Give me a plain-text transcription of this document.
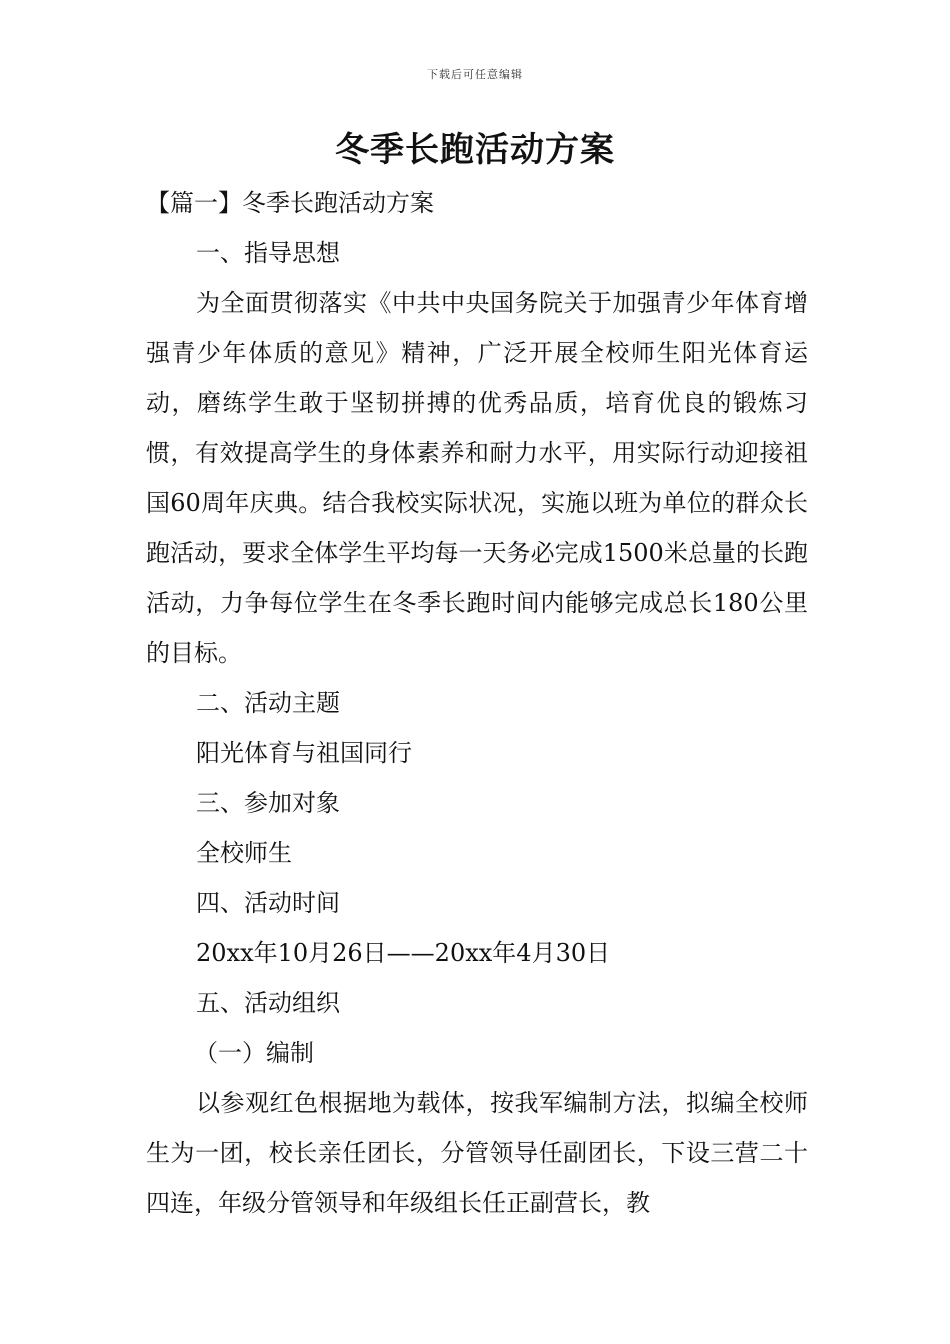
下载后可任意编辑
冬季长跑活动方案

【篇一】冬季长跑活动方案

一、指导思想

为全面贯彻落实《中共中央国务院关于加强青少年体育增强青少年体质的意见》精神，广泛开展全校师生阳光体育运动，磨练学生敢于坚韧拼搏的优秀品质，培育优良的锻炼习惯，有效提高学生的身体素养和耐力水平，用实际行动迎接祖国60周年庆典。结合我校实际状况，实施以班为单位的群众长跑活动，要求全体学生平均每一天务必完成1500米总量的长跑活动，力争每位学生在冬季长跑时间内能够完成总长180公里的目标。

二、活动主题

阳光体育与祖国同行

三、参加对象

全校师生

四、活动时间

20xx年10月26日——20xx年4月30日

五、活动组织

（一）编制

以参观红色根据地为载体，按我军编制方法，拟编全校师生为一团，校长亲任团长，分管领导任副团长，下设三营二十四连，年级分管领导和年级组长任正副营长，教
